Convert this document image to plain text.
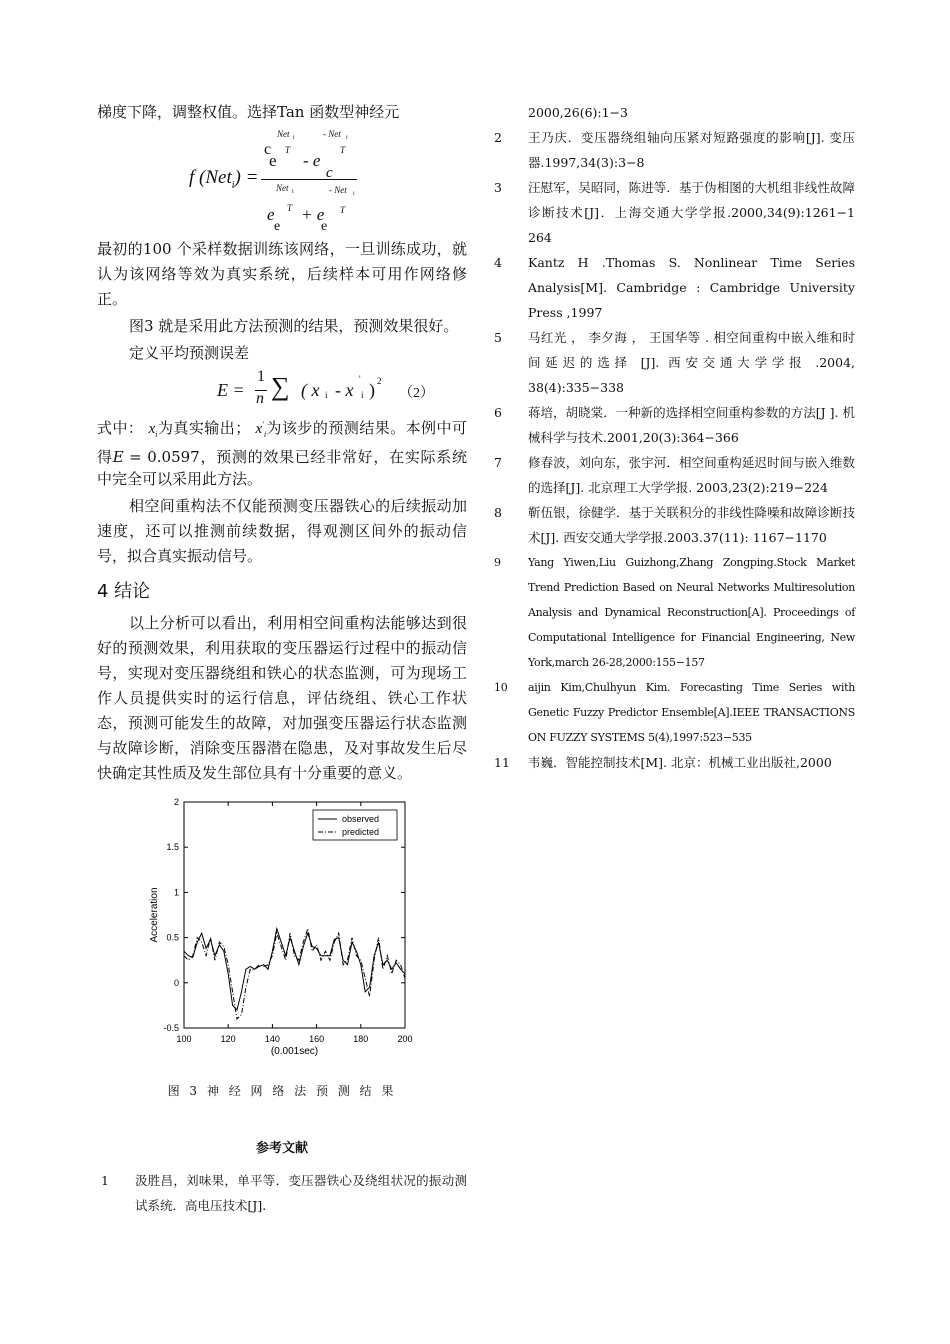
梯度下降，调整权值。选择Tan 函数型神经元

f (Net$_i$) =
Net i
c T
e - e
- Net i
T
c
Net i	- Net i
T	T
e + e
e	e

最初的100 个采样数据训练该网络，一旦训练成功，就认为该网络等效为真实系统，后续样本可用作网络修正。

图3 就是采用此方法预测的结果，预测效果很好。

定义平均预测误差

E =
1
n ∑ ( x i - x
'
i ) 2
（2）

式中： $x_i$为真实输出； $x'_i$为该步的预测结果。本例中可得E = 0.0597，预测的效果已经非常好，在实际系统中完全可以采用此方法。

相空间重构法不仅能预测变压器铁心的后续振动加速度，还可以推测前续数据，得观测区间外的振动信号，拟合真实振动信号。

4 结论

以上分析可以看出，利用相空间重构法能够达到很好的预测效果，利用获取的变压器运行过程中的振动信号，实现对变压器绕组和铁心的状态监测，可为现场工作人员提供实时的运行信息，评估绕组、铁心工作状态，预测可能发生的故障，对加强变压器运行状态监测与故障诊断，消除变压器潜在隐患，及对事故发生后尽快确定其性质及发生部位具有十分重要的意义。

100	120	140	160	180	200
-0.5
0
0.5
1
1.5
2
(0.001sec)
Acceleration
observed
predicted
图 3 神 经 网 络 法 预 测 结 果
参考文献
1 汲胜昌，刘味果，单平等．变压器铁心及绕组状况的振动测试系统．高电压技术[J].
2000,26(6):1−3
2 王乃庆．变压器绕组轴向压紧对短路强度的影响[J]. 变压器.1997,34(3):3−8
3 汪慰军，吴昭同，陈进等．基于伪相图的大机组非线性故障诊断技术[J]．上海交通大学学报.2000,34(9):1261−1 264
4 Kantz H .Thomas S. Nonlinear Time Series Analysis[M]. Cambridge : Cambridge University Press ,1997
5 马红光 ， 李夕海 ， 王国华等 . 相空间重构中嵌入维和时间延迟的选择 [J]. 西安交通大学学报 .2004, 38(4):335−338
6 蒋培，胡晓棠．一种新的选择相空间重构参数的方法[J ]. 机械科学与技术.2001,20(3):364−366
7 修春波，刘向东，张宇河．相空间重构延迟时间与嵌入维数的选择[J]. 北京理工大学学报. 2003,23(2):219−224
8 靳伍银，徐健学．基于关联积分的非线性降噪和故障诊断技术[J]. 西安交通大学学报.2003.37(11): 1167−1170
9 Yang Yiwen,Liu Guizhong,Zhang Zongping.Stock Market Trend Prediction Based on Neural Networks Multiresolution Analysis and Dynamical Reconstruction[A]. Proceedings of Computational Intelligence for Financial Engineering, New York,march 26-28,2000:155−157
10 aijin Kim,Chulhyun Kim. Forecasting Time Series with Genetic Fuzzy Predictor Ensemble[A].IEEE TRANSACTIONS ON FUZZY SYSTEMS 5(4),1997:523−535
11 韦巍．智能控制技术[M]. 北京：机械工业出版社,2000
